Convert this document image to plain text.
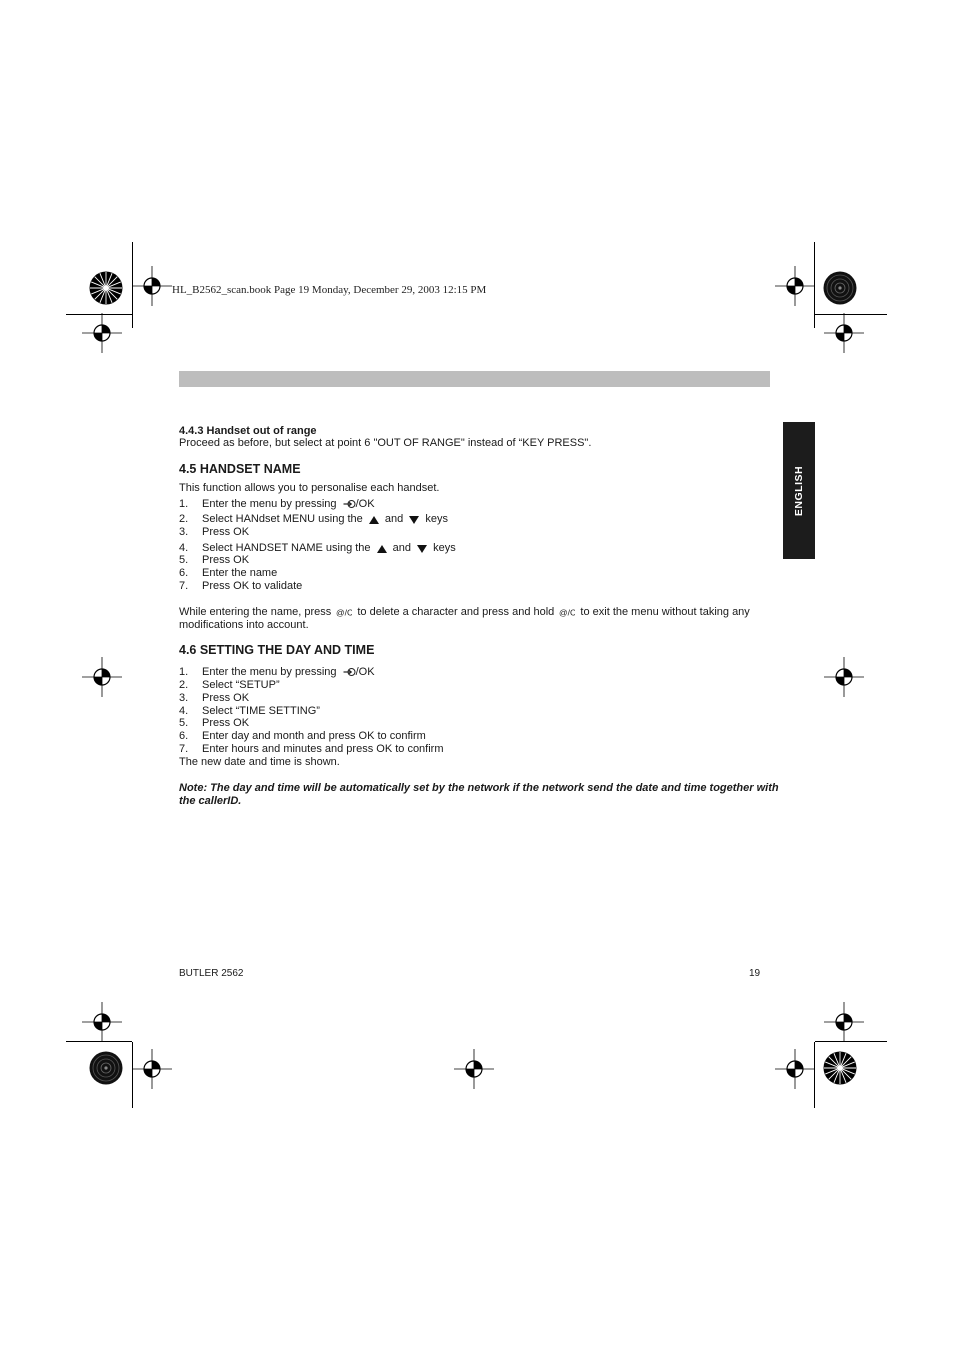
HL_B2562_scan.book Page 19 Monday, December 29, 2003 12:15 PM
ENGLISH
4.4.3 Handset out of range
Proceed as before, but select at point 6 "OUT OF RANGE" instead of “KEY PRESS".
4.5 HANDSET NAME
This function allows you to personalise each handset.
1. Enter the menu by pressing /OK
2. Select HANdset MENU using the and keys
3. Press OK
4. Select HANDSET NAME using the and keys
5. Press OK
6. Enter the name
7. Press OK to validate
While entering the name, press to delete a character and press and hold to exit the menu without taking any
modifications into account.
4.6 SETTING THE DAY AND TIME
1. Enter the menu by pressing /OK
2. Select “SETUP”
3. Press OK
4. Select “TIME SETTING”
5. Press OK
6. Enter day and month and press OK to confirm
7. Enter hours and minutes and press OK to confirm
The new date and time is shown.
Note: The day and time will be automatically set by the network if the network send the date and time together with the callerID.
BUTLER 2562	19
